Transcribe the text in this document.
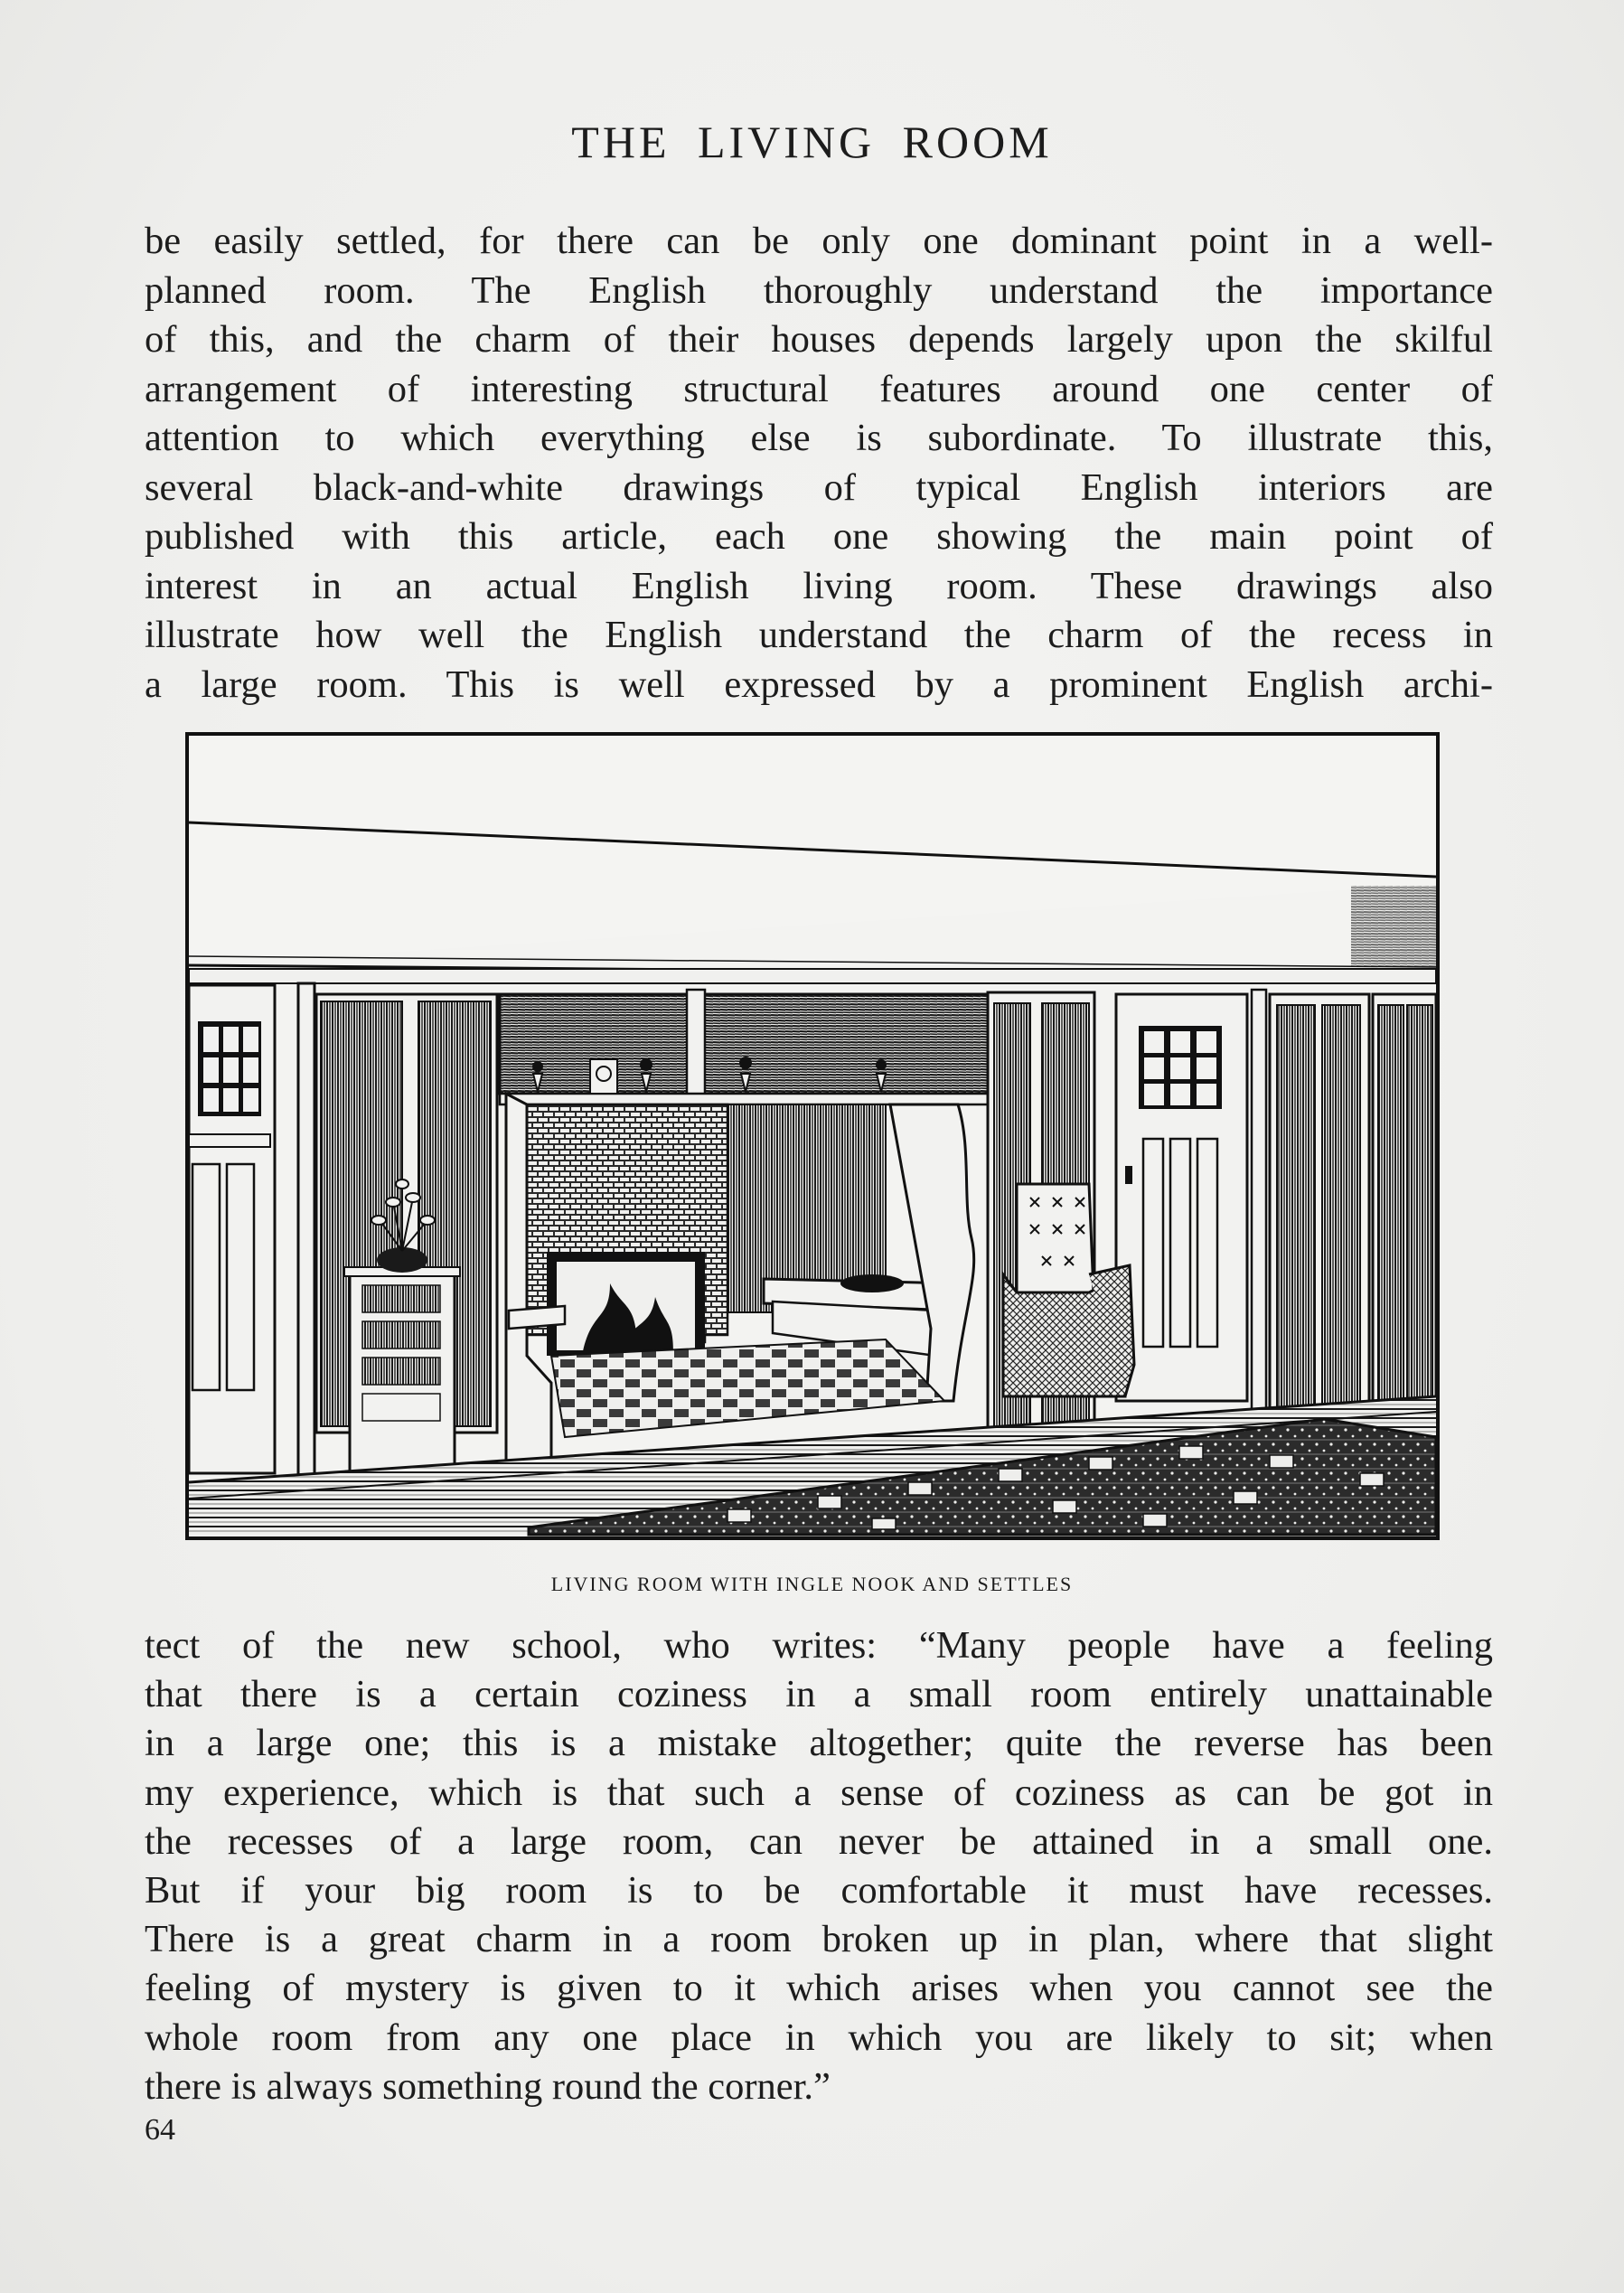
THE LIVING ROOM
be easily settled, for there can be only one dominant point in a well-
planned room. The English thoroughly understand the importance
of this, and the charm of their houses depends largely upon the skilful
arrangement of interesting structural features around one center of
attention to which everything else is subordinate. To illustrate this,
several black-and-white drawings of typical English interiors are
published with this article, each one showing the main point of
interest in an actual English living room. These drawings also
illustrate how well the English understand the charm of the recess in
a large room. This is well expressed by a prominent English archi-
LIVING ROOM WITH INGLE NOOK AND SETTLES
tect of the new school, who writes: “Many people have a feeling
that there is a certain coziness in a small room entirely unattainable
in a large one; this is a mistake altogether; quite the reverse has been
my experience, which is that such a sense of coziness as can be got in
the recesses of a large room, can never be attained in a small one.
But if your big room is to be comfortable it must have recesses.
There is a great charm in a room broken up in plan, where that slight
feeling of mystery is given to it which arises when you cannot see the
whole room from any one place in which you are likely to sit; when
there is always something round the corner.”
64
